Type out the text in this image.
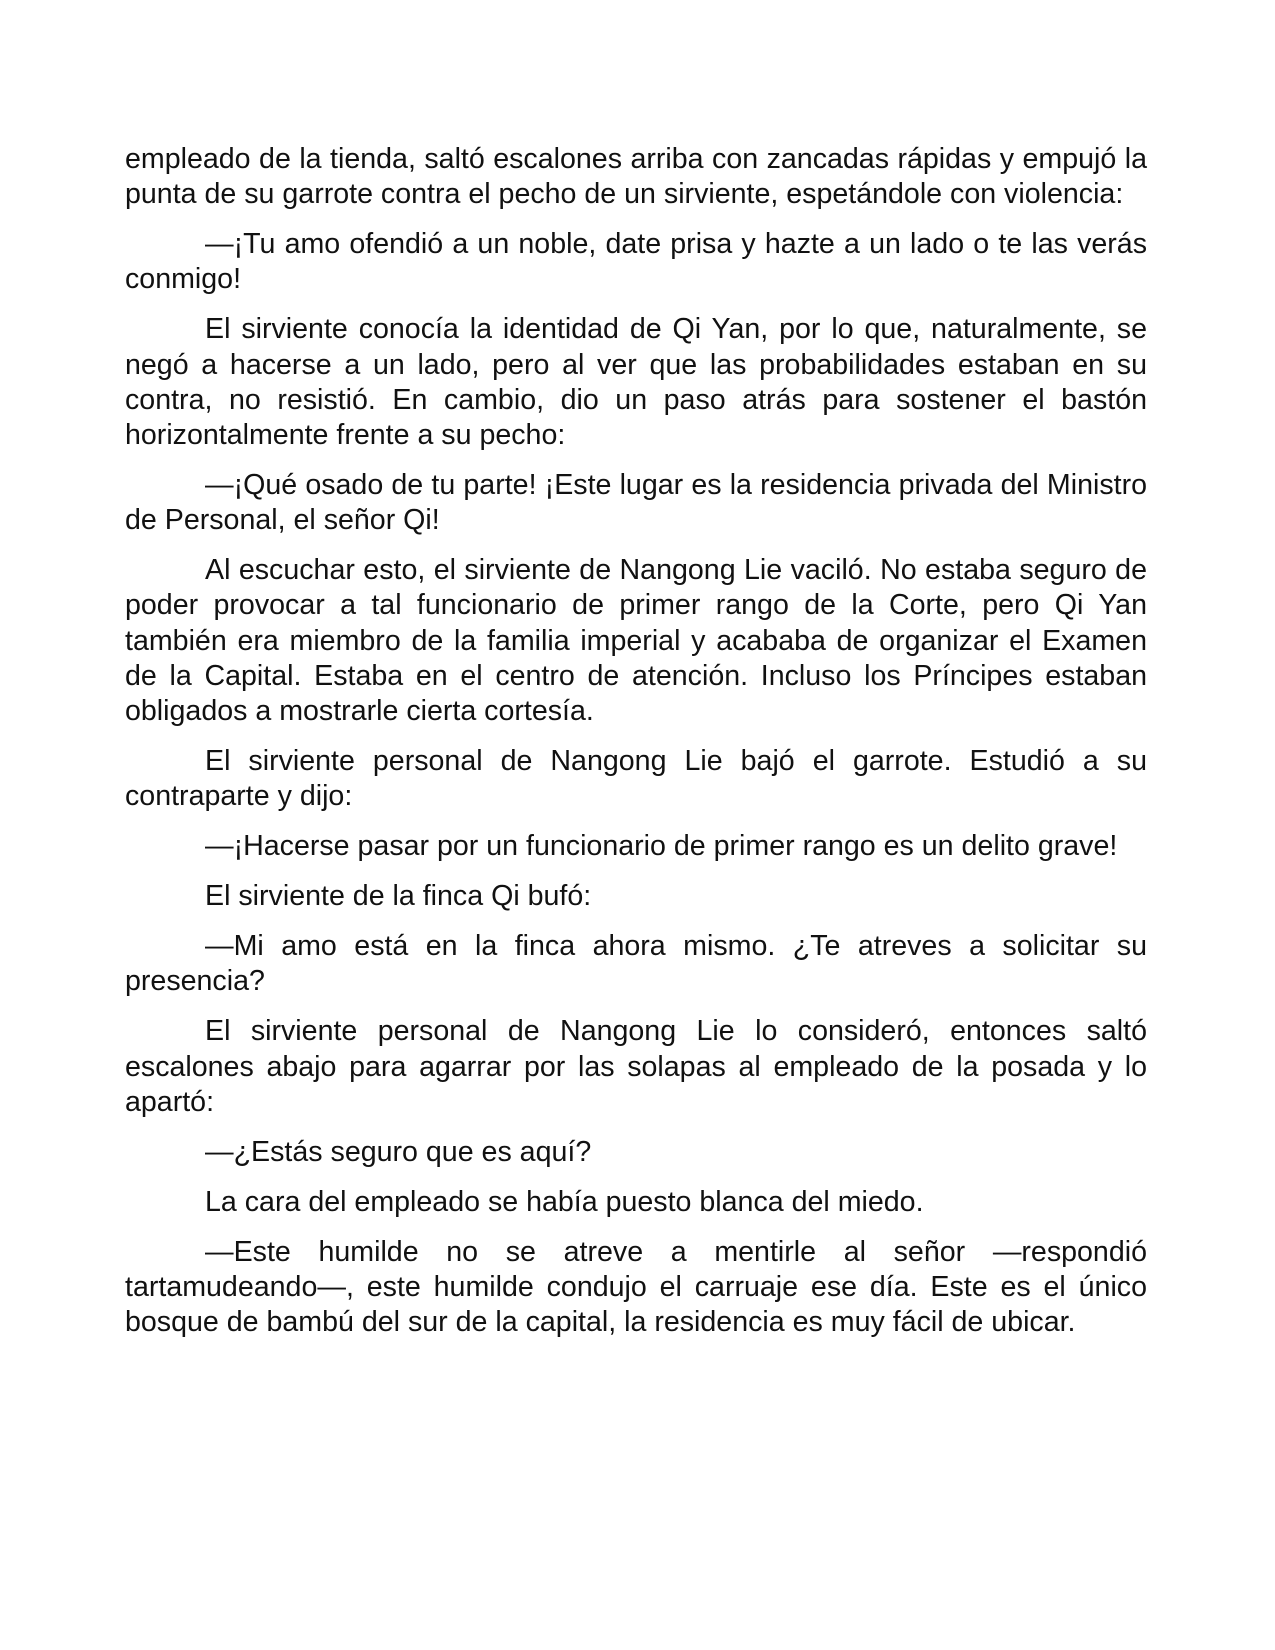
empleado de la tienda, saltó escalones arriba con zancadas rápidas y empujó la punta de su garrote contra el pecho de un sirviente, espetándole con violencia:

—¡Tu amo ofendió a un noble, date prisa y hazte a un lado o te las verás conmigo!

El sirviente conocía la identidad de Qi Yan, por lo que, naturalmente, se negó a hacerse a un lado, pero al ver que las probabilidades estaban en su contra, no resistió. En cambio, dio un paso atrás para sostener el bastón horizontalmente frente a su pecho:

—¡Qué osado de tu parte! ¡Este lugar es la residencia privada del Ministro de Personal, el señor Qi!

Al escuchar esto, el sirviente de Nangong Lie vaciló. No estaba seguro de poder provocar a tal funcionario de primer rango de la Corte, pero Qi Yan también era miembro de la familia imperial y acababa de organizar el Examen de la Capital. Estaba en el centro de atención. Incluso los Príncipes estaban obligados a mostrarle cierta cortesía.

El sirviente personal de Nangong Lie bajó el garrote. Estudió a su contraparte y dijo:

—¡Hacerse pasar por un funcionario de primer rango es un delito grave!

El sirviente de la finca Qi bufó:

—Mi amo está en la finca ahora mismo. ¿Te atreves a solicitar su presencia?

El sirviente personal de Nangong Lie lo consideró, entonces saltó escalones abajo para agarrar por las solapas al empleado de la posada y lo apartó:

—¿Estás seguro que es aquí?

La cara del empleado se había puesto blanca del miedo.

—Este humilde no se atreve a mentirle al señor —respondió tartamudeando—, este humilde condujo el carruaje ese día. Este es el único bosque de bambú del sur de la capital, la residencia es muy fácil de ubicar.
